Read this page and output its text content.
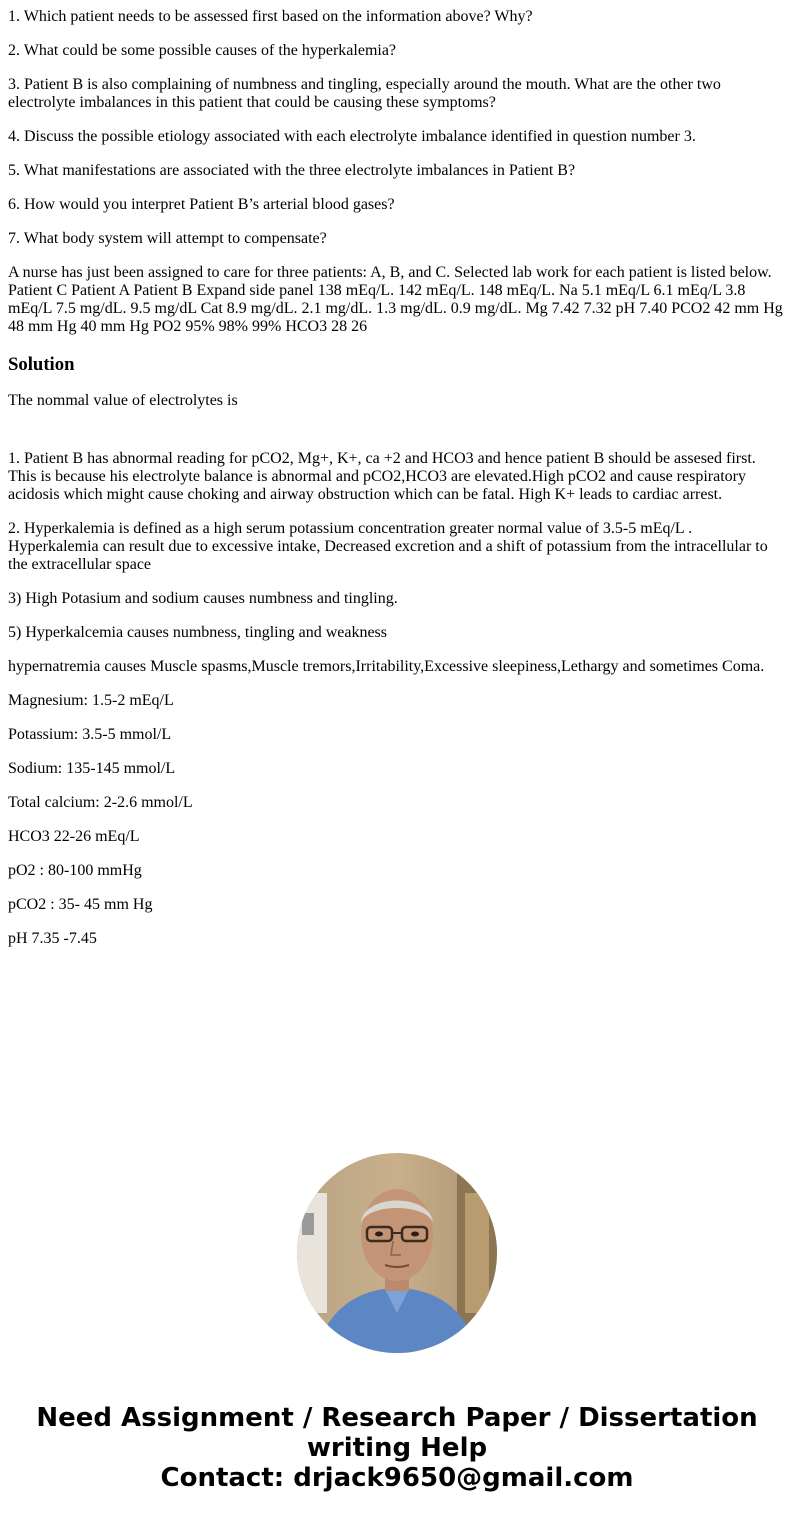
1. Which patient needs to be assessed first based on the information above? Why?

2. What could be some possible causes of the hyperkalemia?

3. Patient B is also complaining of numbness and tingling, especially around the mouth. What are the other two electrolyte imbalances in this patient that could be causing these symptoms?

4. Discuss the possible etiology associated with each electrolyte imbalance identified in question number 3.

5. What manifestations are associated with the three electrolyte imbalances in Patient B?

6. How would you interpret Patient B’s arterial blood gases?

7. What body system will attempt to compensate?

A nurse has just been assigned to care for three patients: A, B, and C. Selected lab work for each patient is listed below. Patient C Patient A Patient B Expand side panel 138 mEq/L. 142 mEq/L. 148 mEq/L. Na 5.1 mEq/L 6.1 mEq/L 3.8 mEq/L 7.5 mg/dL. 9.5 mg/dL Cat 8.9 mg/dL. 2.1 mg/dL. 1.3 mg/dL. 0.9 mg/dL. Mg 7.42 7.32 pH 7.40 PCO2 42 mm Hg 48 mm Hg 40 mm Hg PO2 95% 98% 99% HCO3 28 26

Solution

The nommal value of electrolytes is

1. Patient B has abnormal reading for pCO2, Mg+, K+, ca +2 and HCO3 and hence patient B should be assesed first. This is because his electrolyte balance is abnormal and pCO2,HCO3 are elevated.High pCO2 and cause respiratory acidosis which might cause choking and airway obstruction which can be fatal. High K+ leads to cardiac arrest.

2. Hyperkalemia is defined as a high serum potassium concentration greater normal value of 3.5-5 mEq/L . Hyperkalemia can result due to excessive intake, Decreased excretion and a shift of potassium from the intracellular to the extracellular space

3) High Potasium and sodium causes numbness and tingling.

5) Hyperkalcemia causes numbness, tingling and weakness

hypernatremia causes Muscle spasms,Muscle tremors,Irritability,Excessive sleepiness,Lethargy and sometimes Coma.

Magnesium: 1.5-2 mEq/L

Potassium: 3.5-5 mmol/L

Sodium: 135-145 mmol/L

Total calcium: 2-2.6 mmol/L

HCO3 22-26 mEq/L

pO2 : 80-100 mmHg

pCO2 : 35- 45 mm Hg

pH 7.35 -7.45

Need Assignment / Research Paper / Dissertation
writing Help
Contact: drjack9650@gmail.com
